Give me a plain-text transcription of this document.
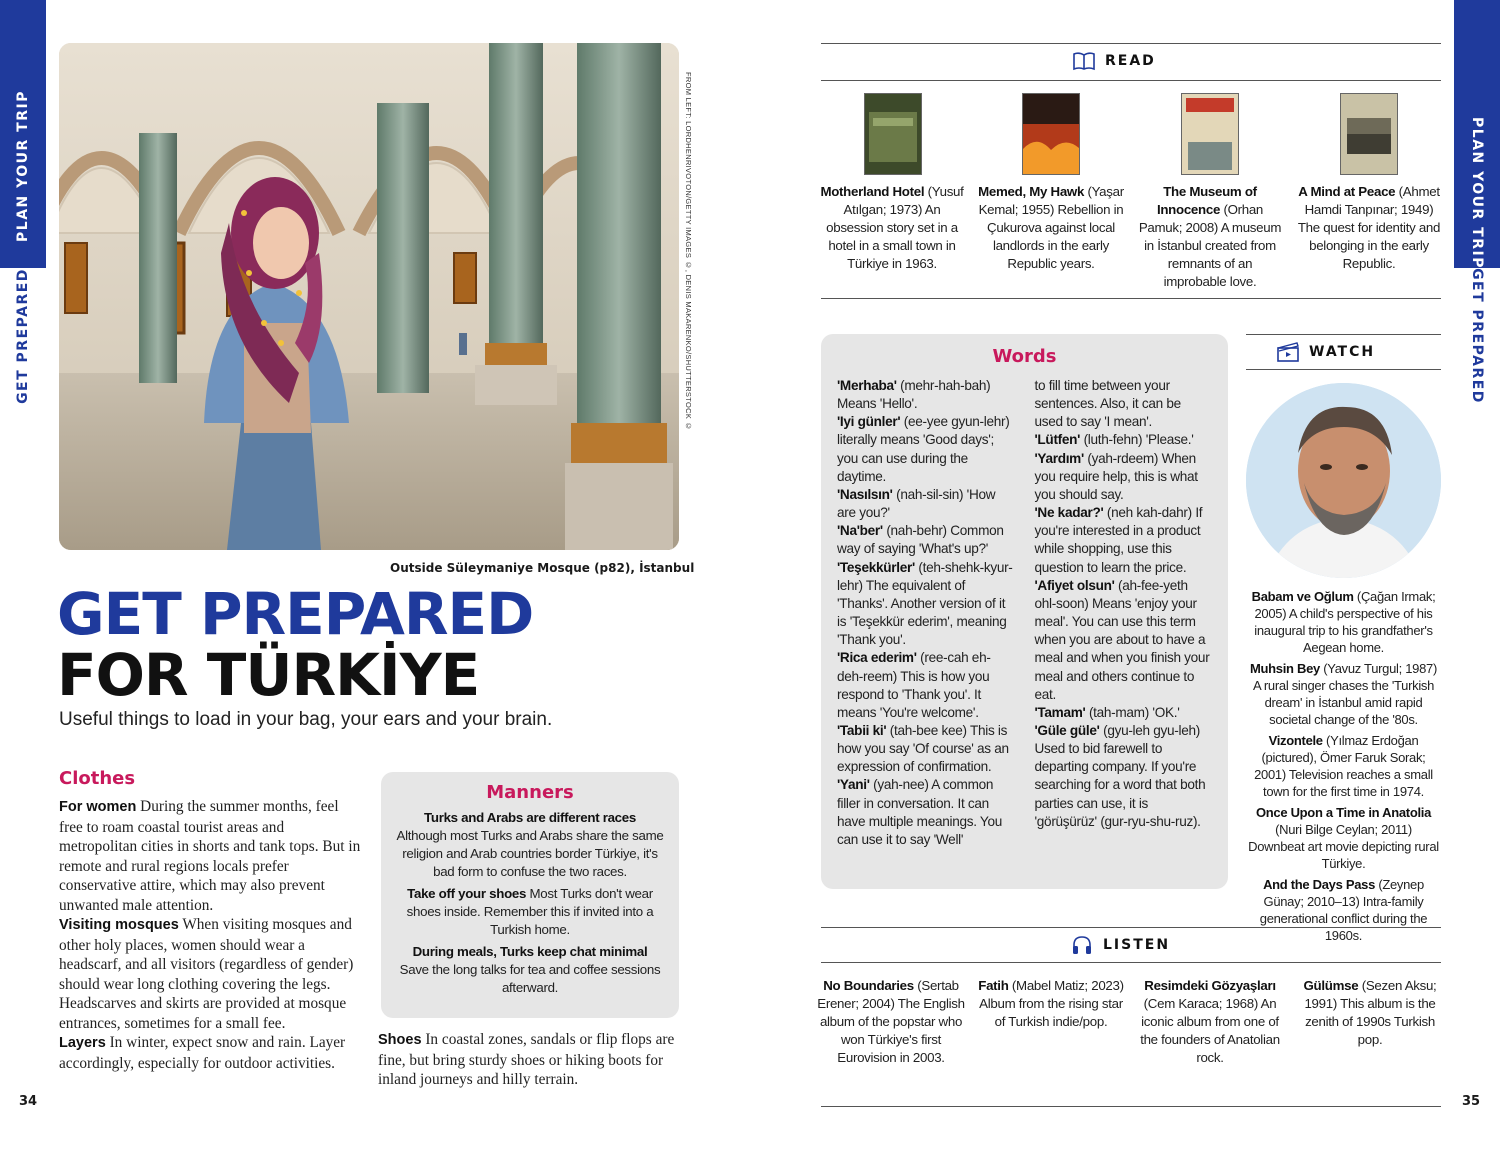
PLAN YOUR TRIP
GET PREPARED
PLAN YOUR TRIP
GET PREPARED
34	35
FROM LEFT: LORDHENRIVOTON/GETTY IMAGES ©, DENIS MAKARENKO/SHUTTERSTOCK ©
Outside Süleymaniye Mosque (p82), İstanbul
GET PREPARED
FOR TÜRKİYE
Useful things to load in your bag, your ears and your brain.
Clothes
For women During the summer months, feel free to roam coastal tourist areas and metropolitan cities in shorts and tank tops. But in remote and rural regions locals prefer conservative attire, which may also prevent unwanted male attention.
Visiting mosques When visiting mosques and other holy places, women should wear a headscarf, and all visitors (regardless of gender) should wear long clothing covering the legs. Headscarves and skirts are provided at mosque entrances, sometimes for a small fee.
Layers In winter, expect snow and rain. Layer accordingly, especially for outdoor activities.
Shoes In coastal zones, sandals or flip flops are fine, but bring sturdy shoes or hiking boots for inland journeys and hilly terrain.
Manners

Turks and Arabs are different races
Although most Turks and Arabs share the same religion and Arab countries border Türkiye, it's bad form to confuse the two races.

Take off your shoes Most Turks don't wear shoes inside. Remember this if invited into a Turkish home.

During meals, Turks keep chat minimal
Save the long talks for tea and coffee sessions afterward.

READ
Motherland Hotel (Yusuf Atılgan; 1973) An obsession story set in a hotel in a small town in Türkiye in 1963.
Memed, My Hawk (Yaşar Kemal; 1955) Rebellion in Çukurova against local landlords in the early Republic years.
The Museum of Innocence (Orhan Pamuk; 2008) A museum in İstanbul created from remnants of an improbable love.
A Mind at Peace (Ahmet Hamdi Tanpınar; 1949) The quest for identity and belonging in the early Republic.
Words
'Merhaba' (mehr-hah-bah) Means 'Hello'.
'Iyi günler' (ee-yee gyun-lehr) literally means 'Good days'; you can use during the daytime.
'Nasılsın' (nah-sil-sin) 'How are you?'
'Na'ber' (nah-behr) Common way of saying 'What's up?'
'Teşekkürler' (teh-shehk-kyur-lehr) The equivalent of 'Thanks'. Another version of it is 'Teşekkür ederim', meaning 'Thank you'.
'Rica ederim' (ree-cah eh-deh-reem) This is how you respond to 'Thank you'. It means 'You're welcome'.
'Tabii ki' (tah-bee kee) This is how you say 'Of course' as an expression of confirmation.
'Yani' (yah-nee) A common filler in conversation. It can have multiple meanings. You can use it to say 'Well'
to fill time between your sentences. Also, it can be used to say 'I mean'.
'Lütfen' (luth-fehn) 'Please.'
'Yardım' (yah-rdeem) When you require help, this is what you should say.
'Ne kadar?' (neh kah-dahr) If you're interested in a product while shopping, use this question to learn the price.
'Afiyet olsun' (ah-fee-yeth ohl-soon) Means 'enjoy your meal'. You can use this term when you are about to have a meal and when you finish your meal and others continue to eat.
'Tamam' (tah-mam) 'OK.'
'Güle güle' (gyu-leh gyu-leh) Used to bid farewell to departing company. If you're searching for a word that both parties can use, it is 'görüşürüz' (gur-ryu-shu-ruz).
WATCH

Babam ve Oğlum (Çağan Irmak; 2005) A child's perspective of his inaugural trip to his grandfather's Aegean home.

Muhsin Bey (Yavuz Turgul; 1987) A rural singer chases the 'Turkish dream' in İstanbul amid rapid societal change of the '80s.

Vizontele (Yılmaz Erdoğan (pictured), Ömer Faruk Sorak; 2001) Television reaches a small town for the first time in 1974.

Once Upon a Time in Anatolia (Nuri Bilge Ceylan; 2011) Downbeat art movie depicting rural Türkiye.

And the Days Pass (Zeynep Günay; 2010–13) Intra-family generational conflict during the 1960s.

LISTEN
No Boundaries (Sertab Erener; 2004) The English album of the popstar who won Türkiye's first Eurovision in 2003.
Fatih (Mabel Matiz; 2023) Album from the rising star of Turkish indie/pop.
Resimdeki Gözyaşları (Cem Karaca; 1968) An iconic album from one of the founders of Anatolian rock.
Gülümse (Sezen Aksu; 1991) This album is the zenith of 1990s Turkish pop.
